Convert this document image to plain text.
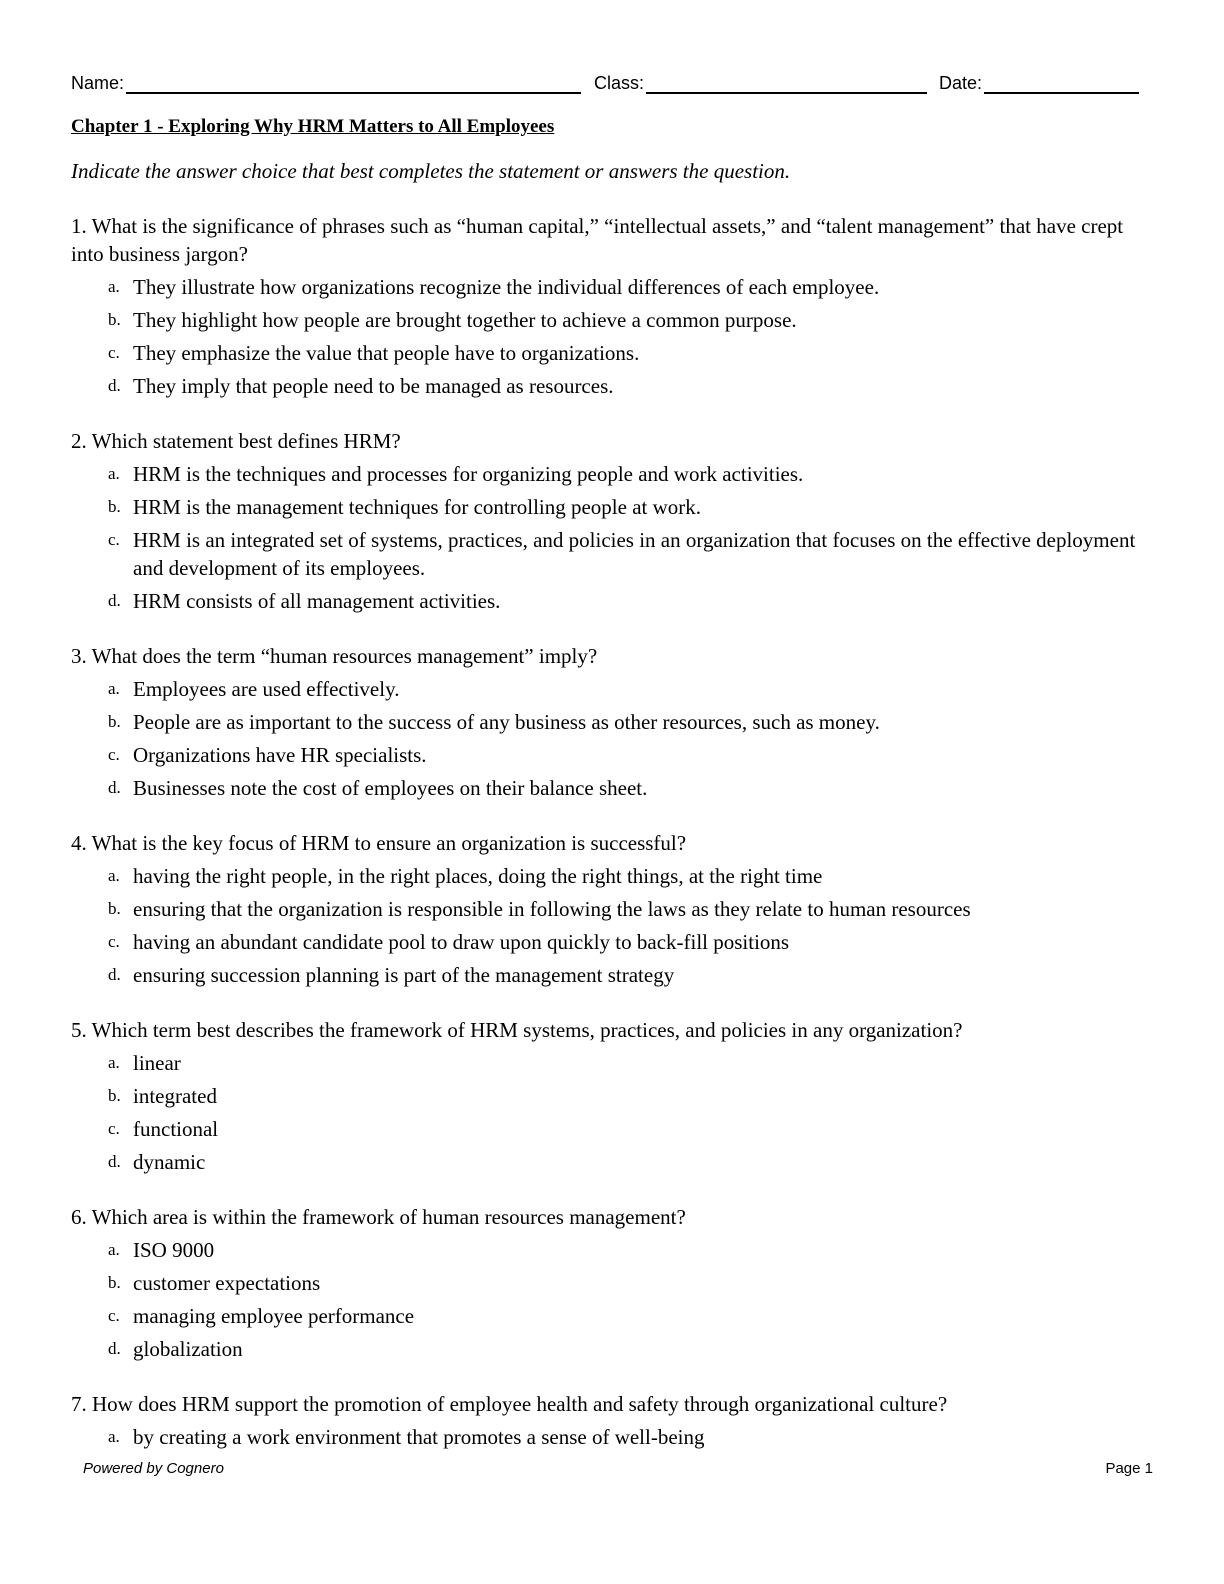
Name:	Class:	Date:
Chapter 1 - Exploring Why HRM Matters to All Employees
Indicate the answer choice that best completes the statement or answers the question.
1. What is the significance of phrases such as “human capital,” “intellectual assets,” and “talent management” that have crept into business jargon?
a. They illustrate how organizations recognize the individual differences of each employee.
b. They highlight how people are brought together to achieve a common purpose.
c. They emphasize the value that people have to organizations.
d. They imply that people need to be managed as resources.
2. Which statement best defines HRM?
a. HRM is the techniques and processes for organizing people and work activities.
b. HRM is the management techniques for controlling people at work.
c. HRM is an integrated set of systems, practices, and policies in an organization that focuses on the effective deployment and development of its employees.
d. HRM consists of all management activities.
3. What does the term “human resources management” imply?
a. Employees are used effectively.
b. People are as important to the success of any business as other resources, such as money.
c. Organizations have HR specialists.
d. Businesses note the cost of employees on their balance sheet.
4. What is the key focus of HRM to ensure an organization is successful?
a. having the right people, in the right places, doing the right things, at the right time
b. ensuring that the organization is responsible in following the laws as they relate to human resources
c. having an abundant candidate pool to draw upon quickly to back-fill positions
d. ensuring succession planning is part of the management strategy
5. Which term best describes the framework of HRM systems, practices, and policies in any organization?
a. linear
b. integrated
c. functional
d. dynamic
6. Which area is within the framework of human resources management?
a. ISO 9000
b. customer expectations
c. managing employee performance
d. globalization
7. How does HRM support the promotion of employee health and safety through organizational culture?
a. by creating a work environment that promotes a sense of well-being
Powered by Cognero	Page 1
